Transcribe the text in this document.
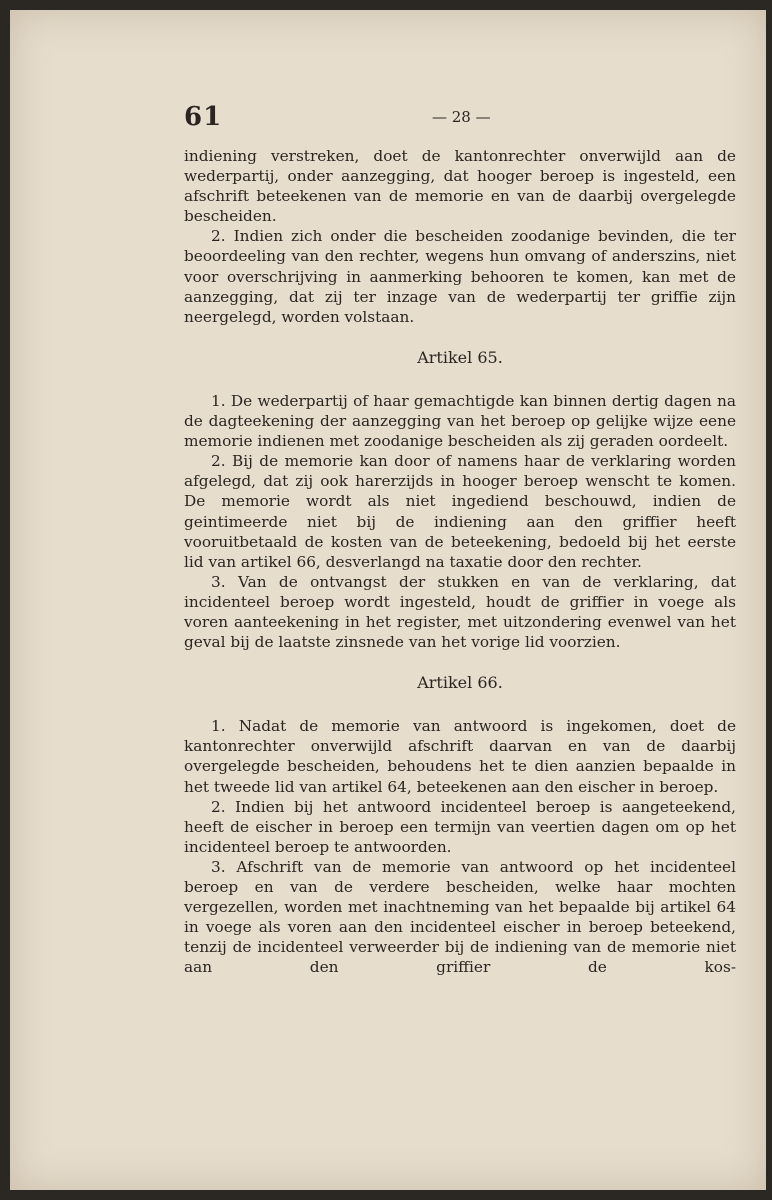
61	— 28 —

indiening verstreken, doet de kantonrechter onverwijld aan de wederpartij, onder aanzegging, dat hooger beroep is ingesteld, een afschrift beteekenen van de memorie en van de daarbij overgelegde bescheiden.

2. Indien zich onder die bescheiden zoodanige bevinden, die ter beoordeeling van den rechter, wegens hun omvang of anderszins, niet voor overschrijving in aanmerking behooren te komen, kan met de aanzegging, dat zij ter inzage van de wederpartij ter griffie zijn neergelegd, worden volstaan.

Artikel 65.

1. De wederpartij of haar gemachtigde kan binnen dertig dagen na de dagteekening der aanzegging van het beroep op gelijke wijze eene memorie indienen met zoodanige bescheiden als zij geraden oordeelt.

2. Bij de memorie kan door of namens haar de verklaring worden afgelegd, dat zij ook harerzijds in hooger beroep wenscht te komen. De memorie wordt als niet ingediend beschouwd, indien de geintimeerde niet bij de indiening aan den griffier heeft vooruitbetaald de kosten van de beteekening, bedoeld bij het eerste lid van artikel 66, desverlangd na taxatie door den rechter.

3. Van de ontvangst der stukken en van de verklaring, dat incidenteel beroep wordt ingesteld, houdt de griffier in voege als voren aanteekening in het register, met uitzondering evenwel van het geval bij de laatste zinsnede van het vorige lid voorzien.

Artikel 66.

1. Nadat de memorie van antwoord is ingekomen, doet de kantonrechter onverwijld afschrift daarvan en van de daarbij overgelegde bescheiden, behoudens het te dien aanzien bepaalde in het tweede lid van artikel 64, beteekenen aan den eischer in beroep.

2. Indien bij het antwoord incidenteel beroep is aangeteekend, heeft de eischer in beroep een termijn van veertien dagen om op het incidenteel beroep te antwoorden.

3. Afschrift van de memorie van antwoord op het incidenteel beroep en van de verdere bescheiden, welke haar mochten vergezellen, worden met inachtneming van het bepaalde bij artikel 64 in voege als voren aan den incidenteel eischer in beroep beteekend, tenzij de incidenteel verweerder bij de indiening van de memorie niet aan den griffier de kos-
